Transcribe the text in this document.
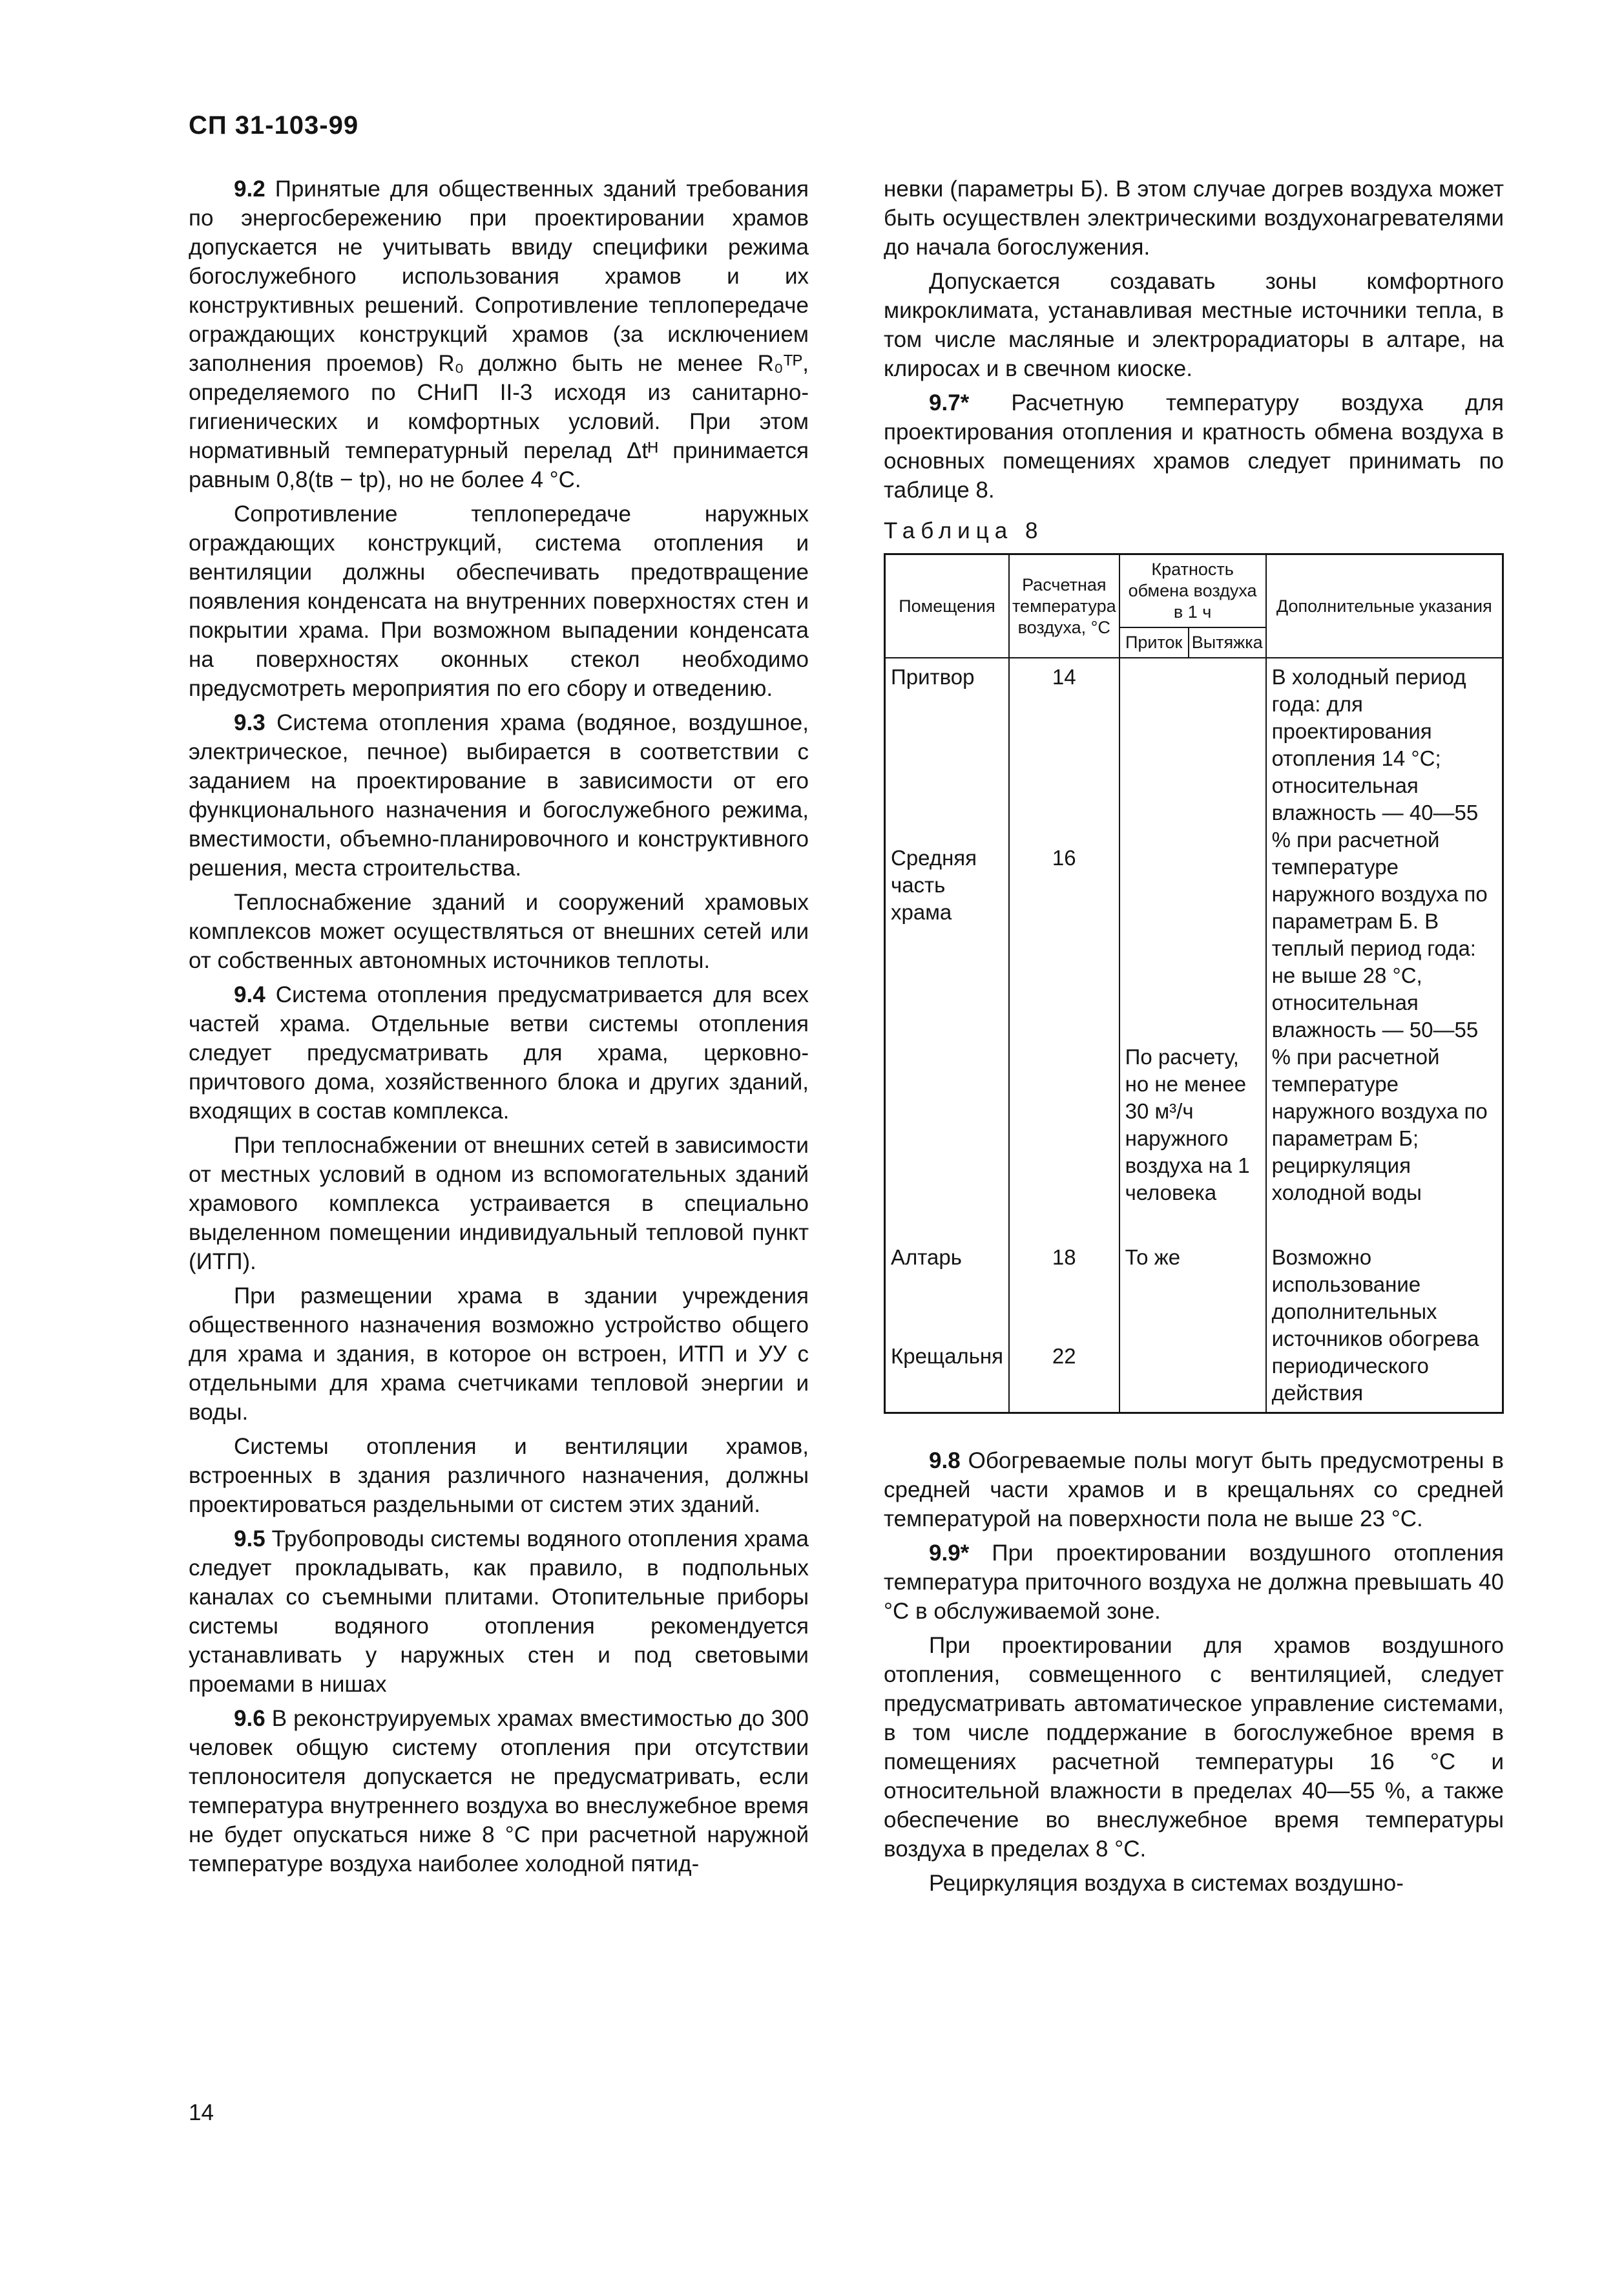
СП 31-103-99

9.2 Принятые для общественных зданий требования по энергосбережению при проектировании храмов допускается не учитывать ввиду специфики режима богослужебного использования храмов и их конструктивных решений. Сопротивление теплопередаче ограждающих конструкций храмов (за исключением заполнения проемов) R₀ должно быть не менее R₀ᵀᴾ, определяемого по СНиП II-3 исходя из санитарно-гигиенических и комфортных условий. При этом нормативный температурный перелад Δtᴴ принимается равным 0,8(tв − tр), но не более 4 °С.

Сопротивление теплопередаче наружных ограждающих конструкций, система отопления и вентиляции должны обеспечивать предотвращение появления конденсата на внутренних поверхностях стен и покрытии храма. При возможном выпадении конденсата на поверхностях оконных стекол необходимо предусмотреть мероприятия по его сбору и отведению.

9.3 Система отопления храма (водяное, воздушное, электрическое, печное) выбирается в соответствии с заданием на проектирование в зависимости от его функционального назначения и богослужебного режима, вместимости, объемно-планировочного и конструктивного решения, места строительства.

Теплоснабжение зданий и сооружений храмовых комплексов может осуществляться от внешних сетей или от собственных автономных источников теплоты.

9.4 Система отопления предусматривается для всех частей храма. Отдельные ветви системы отопления следует предусматривать для храма, церковно-причтового дома, хозяйственного блока и других зданий, входящих в состав комплекса.

При теплоснабжении от внешних сетей в зависимости от местных условий в одном из вспомогательных зданий храмового комплекса устраивается в специально выделенном помещении индивидуальный тепловой пункт (ИТП).

При размещении храма в здании учреждения общественного назначения возможно устройство общего для храма и здания, в которое он встроен, ИТП и УУ с отдельными для храма счетчиками тепловой энергии и воды.

Системы отопления и вентиляции храмов, встроенных в здания различного назначения, должны проектироваться раздельными от систем этих зданий.

9.5 Трубопроводы системы водяного отопления храма следует прокладывать, как правило, в подпольных каналах со съемными плитами. Отопительные приборы системы водяного отопления рекомендуется устанавливать у наружных стен и под световыми проемами в нишах

9.6 В реконструируемых храмах вместимостью до 300 человек общую систему отопления при отсутствии теплоносителя допускается не предусматривать, если температура внутреннего воздуха во внеслужебное время не будет опускаться ниже 8 °С при расчетной наружной температуре воздуха наиболее холодной пятид-

невки (параметры Б). В этом случае догрев воздуха может быть осуществлен электрическими воздухонагревателями до начала богослужения.

Допускается создавать зоны комфортного микроклимата, устанавливая местные источники тепла, в том числе масляные и электрорадиаторы в алтаре, на клиросах и в свечном киоске.

9.7* Расчетную температуру воздуха для проектирования отопления и кратность обмена воздуха в основных помещениях храмов следует принимать по таблице 8.

Таблица 8
Помещения	Расчетная температура воздуха, °С	Кратность обмена воздуха в 1 ч		Дополнительные указания
		Приток	Вытяжка	
Притвор	14	По расчету, но не менее 30 м³/ч наружного воздуха на 1 человека		В холодный период года: для проектирования отопления 14 °С; относительная влажность — 40—55 % при расчетной температуре наружного воздуха по параметрам Б. В теплый период года: не выше 28 °С, относительная влажность — 50—55 % при расчетной температуре наружного воздуха по параметрам Б; рециркуляция холодной воды
Средняя часть храма	16			
Алтарь	18	То же		Возможно использование дополнительных источников обогрева периодического действия
Крещальня	22			

9.8 Обогреваемые полы могут быть предусмотрены в средней части храмов и в крещальнях со средней температурой на поверхности пола не выше 23 °С.

9.9* При проектировании воздушного отопления температура приточного воздуха не должна превышать 40 °С в обслуживаемой зоне.

При проектировании для храмов воздушного отопления, совмещенного с вентиляцией, следует предусматривать автоматическое управление системами, в том числе поддержание в богослужебное время в помещениях расчетной температуры 16 °С и относительной влажности в пределах 40—55 %, а также обеспечение во внеслужебное время температуры воздуха в пределах 8 °С.

Рециркуляция воздуха в системах воздушно-

14
